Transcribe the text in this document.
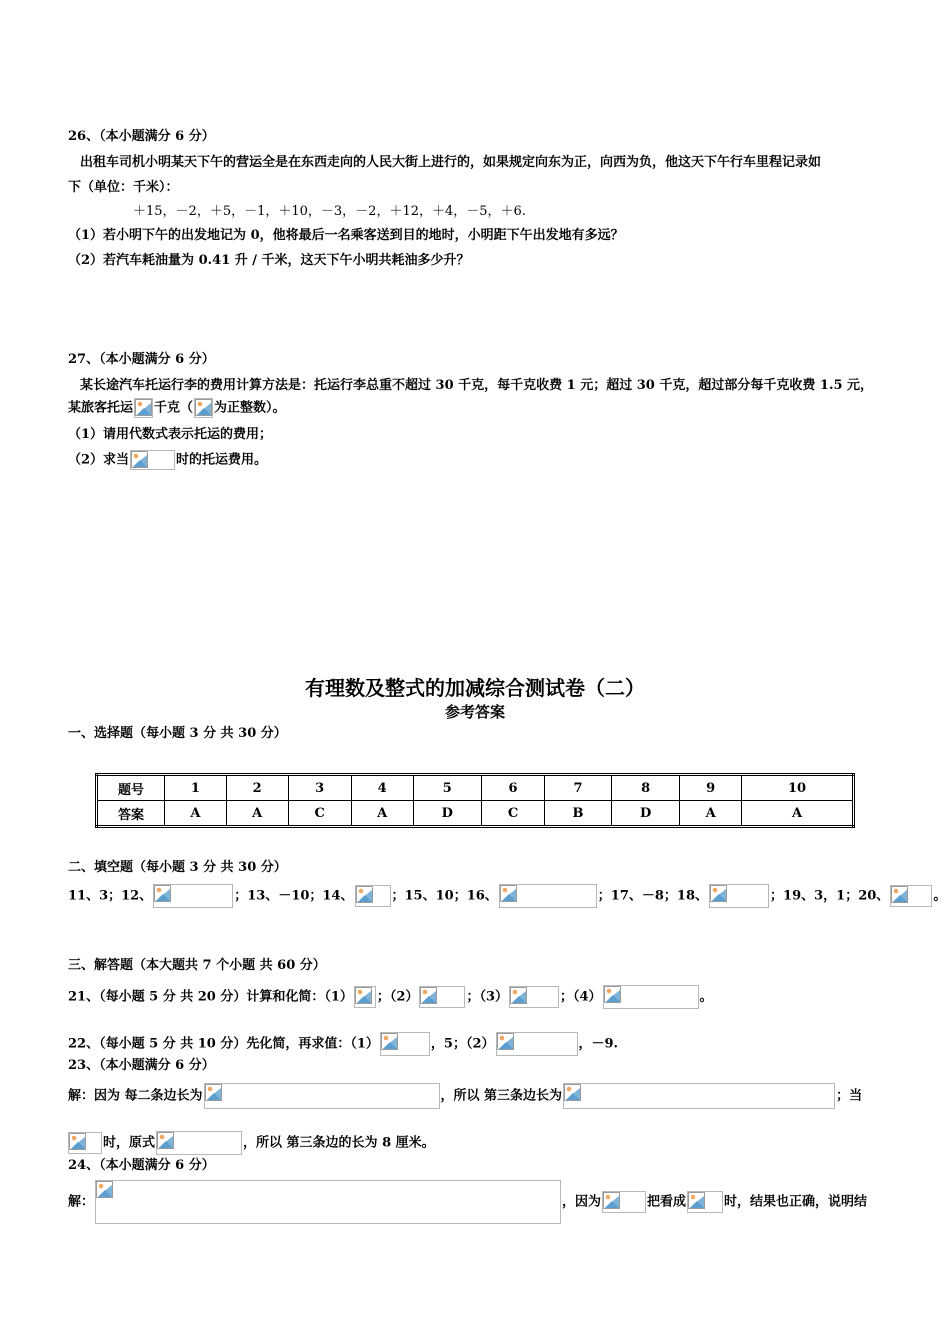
26、（本小题满分 6 分）
出租车司机小明某天下午的营运全是在东西走向的人民大街上进行的，如果规定向东为正，向西为负，他这天下午行车里程记录如
下（单位：千米）：
＋15，－2，＋5，－1，＋10，－3，－2，＋12，＋4，－5，＋6.
（1）若小明下午的出发地记为 0，他将最后一名乘客送到目的地时，小明距下午出发地有多远？
（2）若汽车耗油量为 0.41 升 / 千米，这天下午小明共耗油多少升？
27、（本小题满分 6 分）
某长途汽车托运行李的费用计算方法是：托运行李总重不超过 30 千克，每千克收费 1 元；超过 30 千克，超过部分每千克收费 1.5 元，
某旅客托运 千克（ 为正整数）。
（1）请用代数式表示托运的费用；
（2）求当	时的托运费用。
有理数及整式的加减综合测试卷（二）
参考答案
一、选择题（每小题 3 分 共 30 分）
题号	1	2	3	4	5	6	7	8	9	10
答案	A	A	C	A	D	C	B	D	A	A
二、填空题（每小题 3 分 共 30 分）
11、3；12、	；13、－10；14、	；15、10；16、	；17、－8；18、	；19、3，1；20、	。
三、解答题（本大题共 7 个小题 共 60 分）
21、（每小题 5 分 共 20 分）计算和化简：（1） ；（2）	；（3）	；（4）	。
22、（每小题 5 分 共 10 分）先化简，再求值：（1）	，5；（2）	，－9.
23、（本小题满分 6 分）
解：因为 每二条边长为	，所以 第三条边长为	；当
时，原式	，所以 第三条边的长为 8 厘米。
24、（本小题满分 6 分）
解：	，因为	把看成	时，结果也正确，说明结
